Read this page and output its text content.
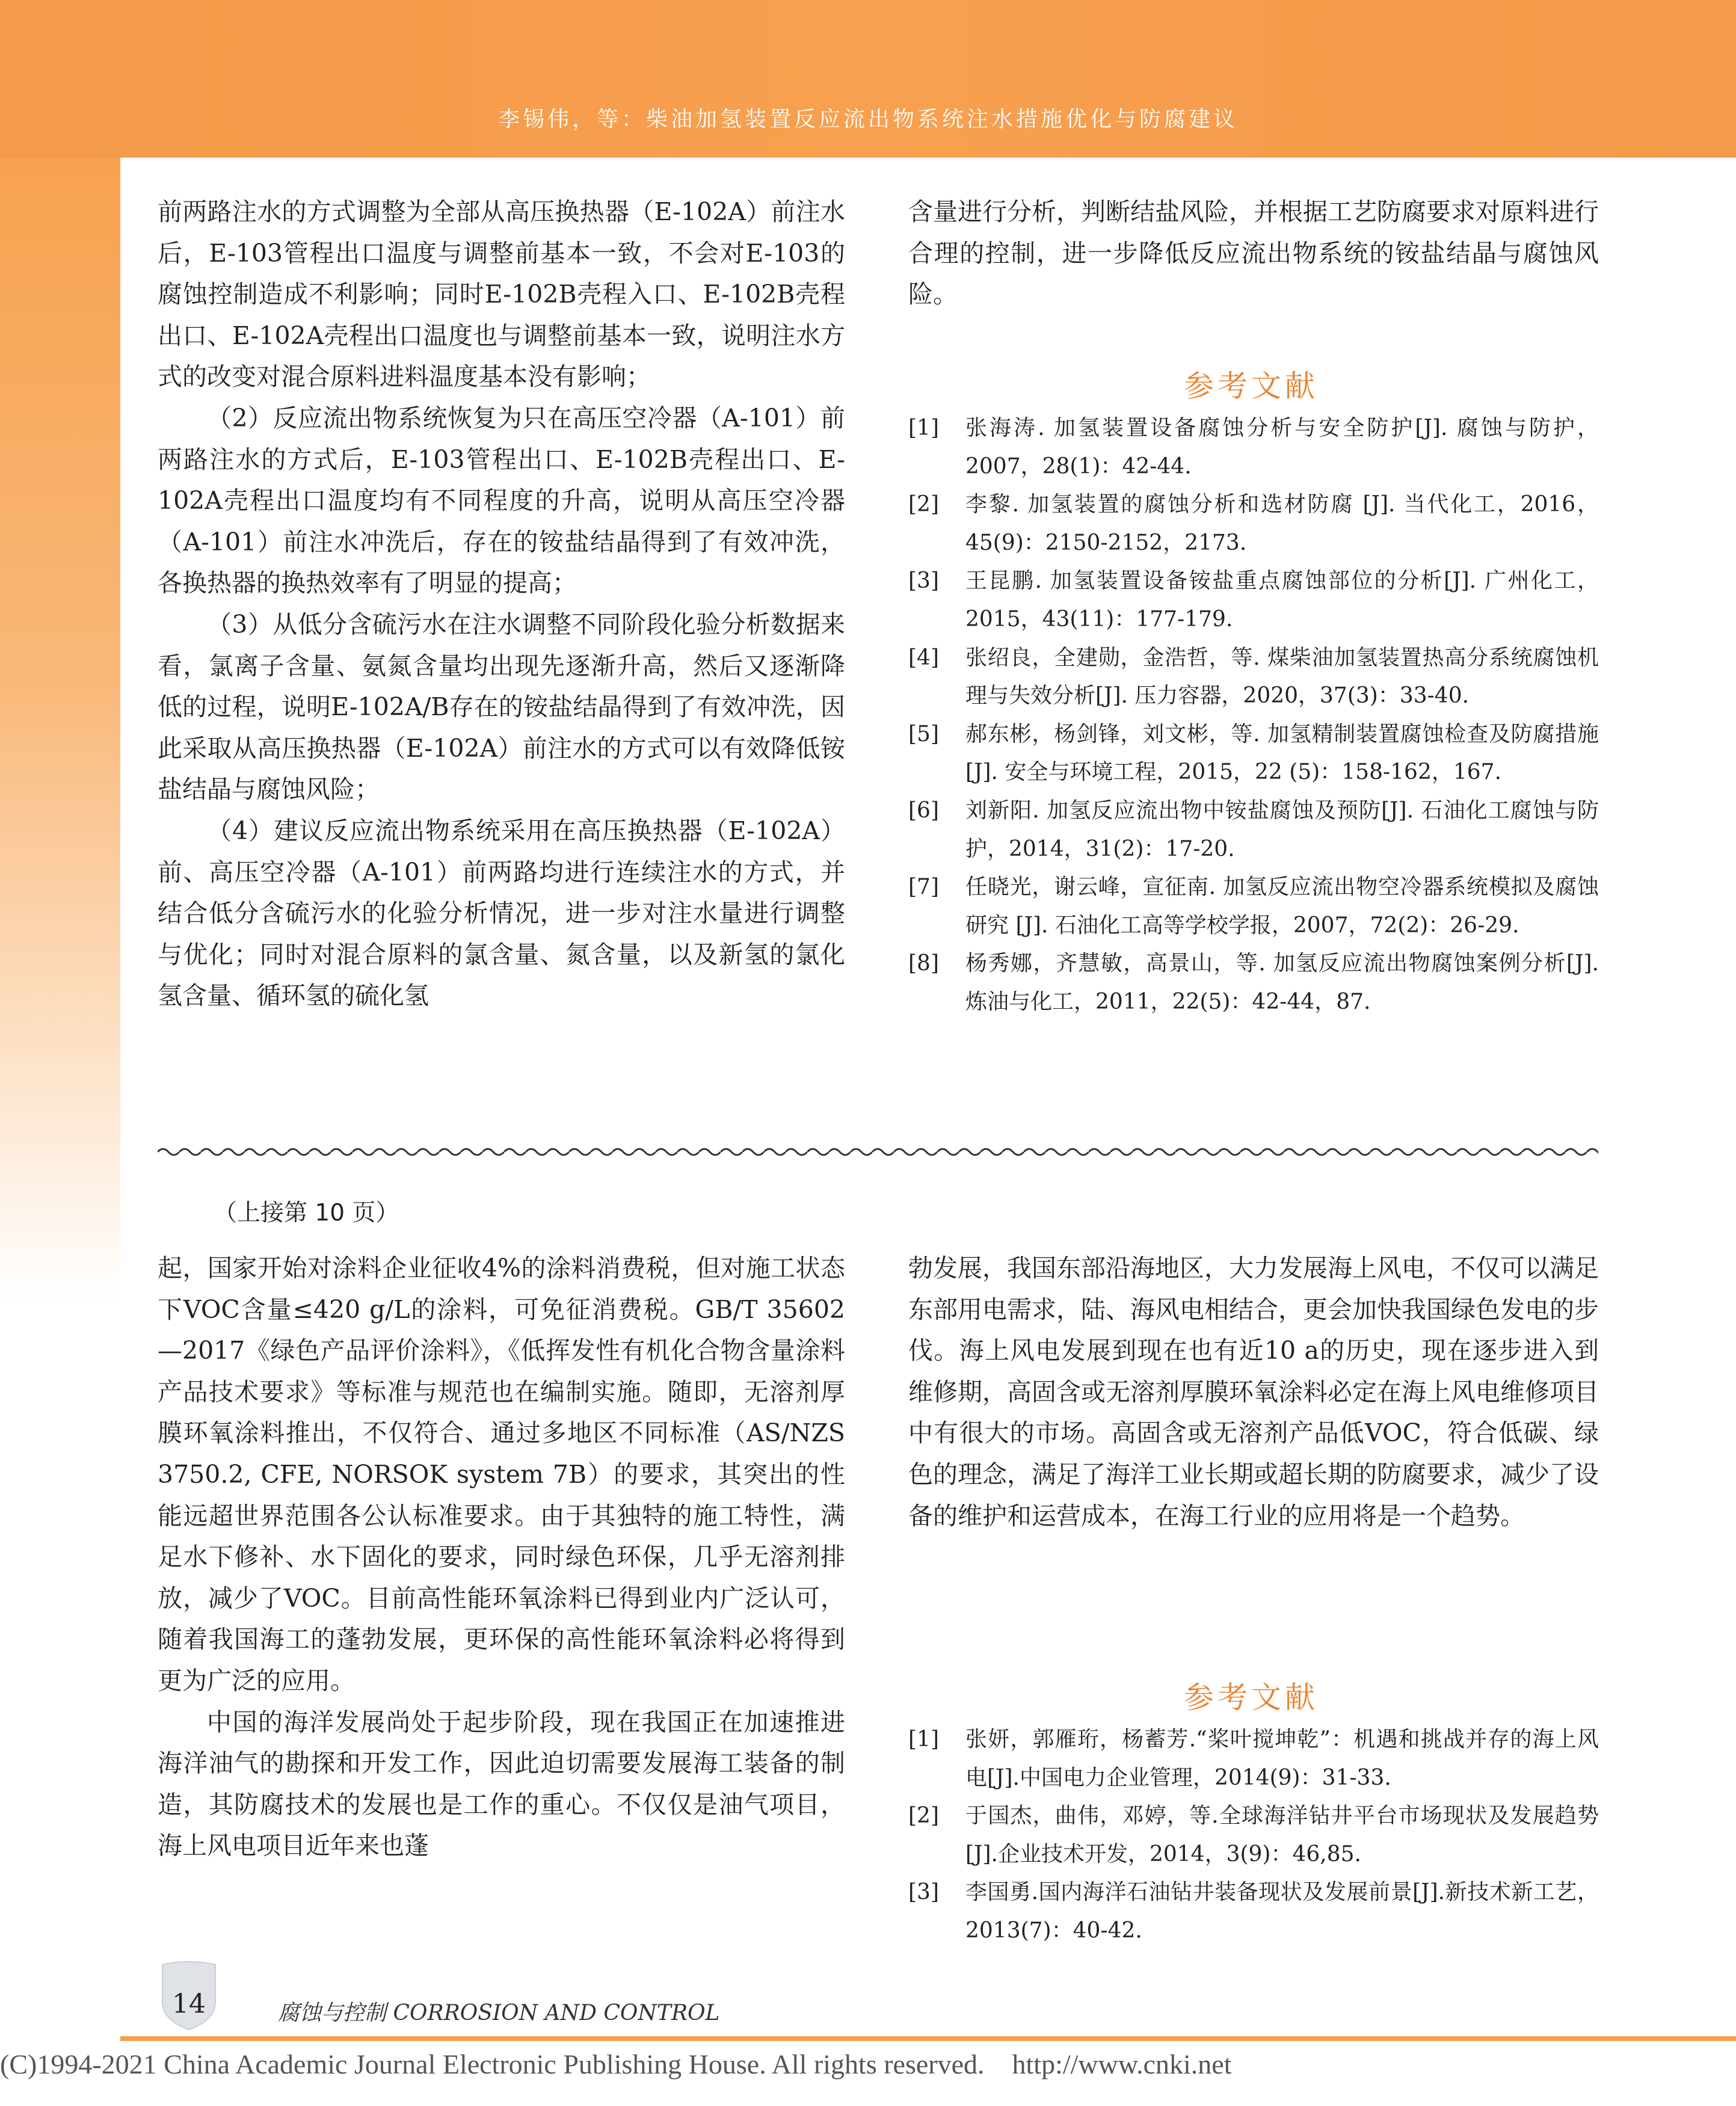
李锡伟，等：柴油加氢装置反应流出物系统注水措施优化与防腐建议

前两路注水的方式调整为全部从高压换热器（E-102A）前注水后，E-103管程出口温度与调整前基本一致，不会对E-103的腐蚀控制造成不利影响；同时E-102B壳程入口、E-102B壳程出口、E-102A壳程出口温度也与调整前基本一致，说明注水方式的改变对混合原料进料温度基本没有影响；

（2）反应流出物系统恢复为只在高压空冷器（A-101）前两路注水的方式后，E-103管程出口、E-102B壳程出口、E-102A壳程出口温度均有不同程度的升高，说明从高压空冷器（A-101）前注水冲洗后，存在的铵盐结晶得到了有效冲洗，各换热器的换热效率有了明显的提高；

（3）从低分含硫污水在注水调整不同阶段化验分析数据来看，氯离子含量、氨氮含量均出现先逐渐升高，然后又逐渐降低的过程，说明E-102A/B存在的铵盐结晶得到了有效冲洗，因此采取从高压换热器（E-102A）前注水的方式可以有效降低铵盐结晶与腐蚀风险；

（4）建议反应流出物系统采用在高压换热器（E-102A）前、高压空冷器（A-101）前两路均进行连续注水的方式，并结合低分含硫污水的化验分析情况，进一步对注水量进行调整与优化；同时对混合原料的氯含量、氮含量，以及新氢的氯化氢含量、循环氢的硫化氢

含量进行分析，判断结盐风险，并根据工艺防腐要求对原料进行合理的控制，进一步降低反应流出物系统的铵盐结晶与腐蚀风险。

参考文献
[1] 张海涛. 加氢装置设备腐蚀分析与安全防护[J]. 腐蚀与防护，2007，28(1)：42-44.
[2] 李黎. 加氢装置的腐蚀分析和选材防腐 [J]. 当代化工，2016，45(9)：2150-2152，2173.
[3] 王昆鹏. 加氢装置设备铵盐重点腐蚀部位的分析[J]. 广州化工，2015，43(11)：177-179.
[4] 张绍良，全建勋，金浩哲，等. 煤柴油加氢装置热高分系统腐蚀机理与失效分析[J]. 压力容器，2020，37(3)：33-40.
[5] 郝东彬，杨剑锋，刘文彬，等. 加氢精制装置腐蚀检查及防腐措施 [J]. 安全与环境工程，2015，22 (5)：158-162，167.
[6] 刘新阳. 加氢反应流出物中铵盐腐蚀及预防[J]. 石油化工腐蚀与防护，2014，31(2)：17-20.
[7] 任晓光，谢云峰，宣征南. 加氢反应流出物空冷器系统模拟及腐蚀研究 [J]. 石油化工高等学校学报，2007，72(2)：26-29.
[8] 杨秀娜，齐慧敏，高景山，等. 加氢反应流出物腐蚀案例分析[J]. 炼油与化工，2011，22(5)：42-44，87.
（上接第 10 页）

起，国家开始对涂料企业征收4%的涂料消费税，但对施工状态下VOC含量≤420 g/L的涂料，可免征消费税。GB/T 35602—2017《绿色产品评价涂料》，《低挥发性有机化合物含量涂料产品技术要求》等标准与规范也在编制实施。随即，无溶剂厚膜环氧涂料推出，不仅符合、通过多地区不同标准（AS/NZS 3750.2, CFE, NORSOK system 7B）的要求，其突出的性能远超世界范围各公认标准要求。由于其独特的施工特性，满足水下修补、水下固化的要求，同时绿色环保，几乎无溶剂排放，减少了VOC。目前高性能环氧涂料已得到业内广泛认可，随着我国海工的蓬勃发展，更环保的高性能环氧涂料必将得到更为广泛的应用。

中国的海洋发展尚处于起步阶段，现在我国正在加速推进海洋油气的勘探和开发工作，因此迫切需要发展海工装备的制造，其防腐技术的发展也是工作的重心。不仅仅是油气项目，海上风电项目近年来也蓬

勃发展，我国东部沿海地区，大力发展海上风电，不仅可以满足东部用电需求，陆、海风电相结合，更会加快我国绿色发电的步伐。海上风电发展到现在也有近10 a的历史，现在逐步进入到维修期，高固含或无溶剂厚膜环氧涂料必定在海上风电维修项目中有很大的市场。高固含或无溶剂产品低VOC，符合低碳、绿色的理念，满足了海洋工业长期或超长期的防腐要求，减少了设备的维护和运营成本，在海工行业的应用将是一个趋势。

参考文献
[1] 张妍，郭雁珩，杨蓄芳.“桨叶搅坤乾”：机遇和挑战并存的海上风电[J].中国电力企业管理，2014(9)：31-33.
[2] 于国杰，曲伟，邓婷，等.全球海洋钻井平台市场现状及发展趋势[J].企业技术开发，2014，3(9)：46,85.
[3] 李国勇.国内海洋石油钻井装备现状及发展前景[J].新技术新工艺，2013(7)：40-42.
14	腐蚀与控制 CORROSION AND CONTROL
(C)1994-2021 China Academic Journal Electronic Publishing House. All rights reserved.    http://www.cnki.net
